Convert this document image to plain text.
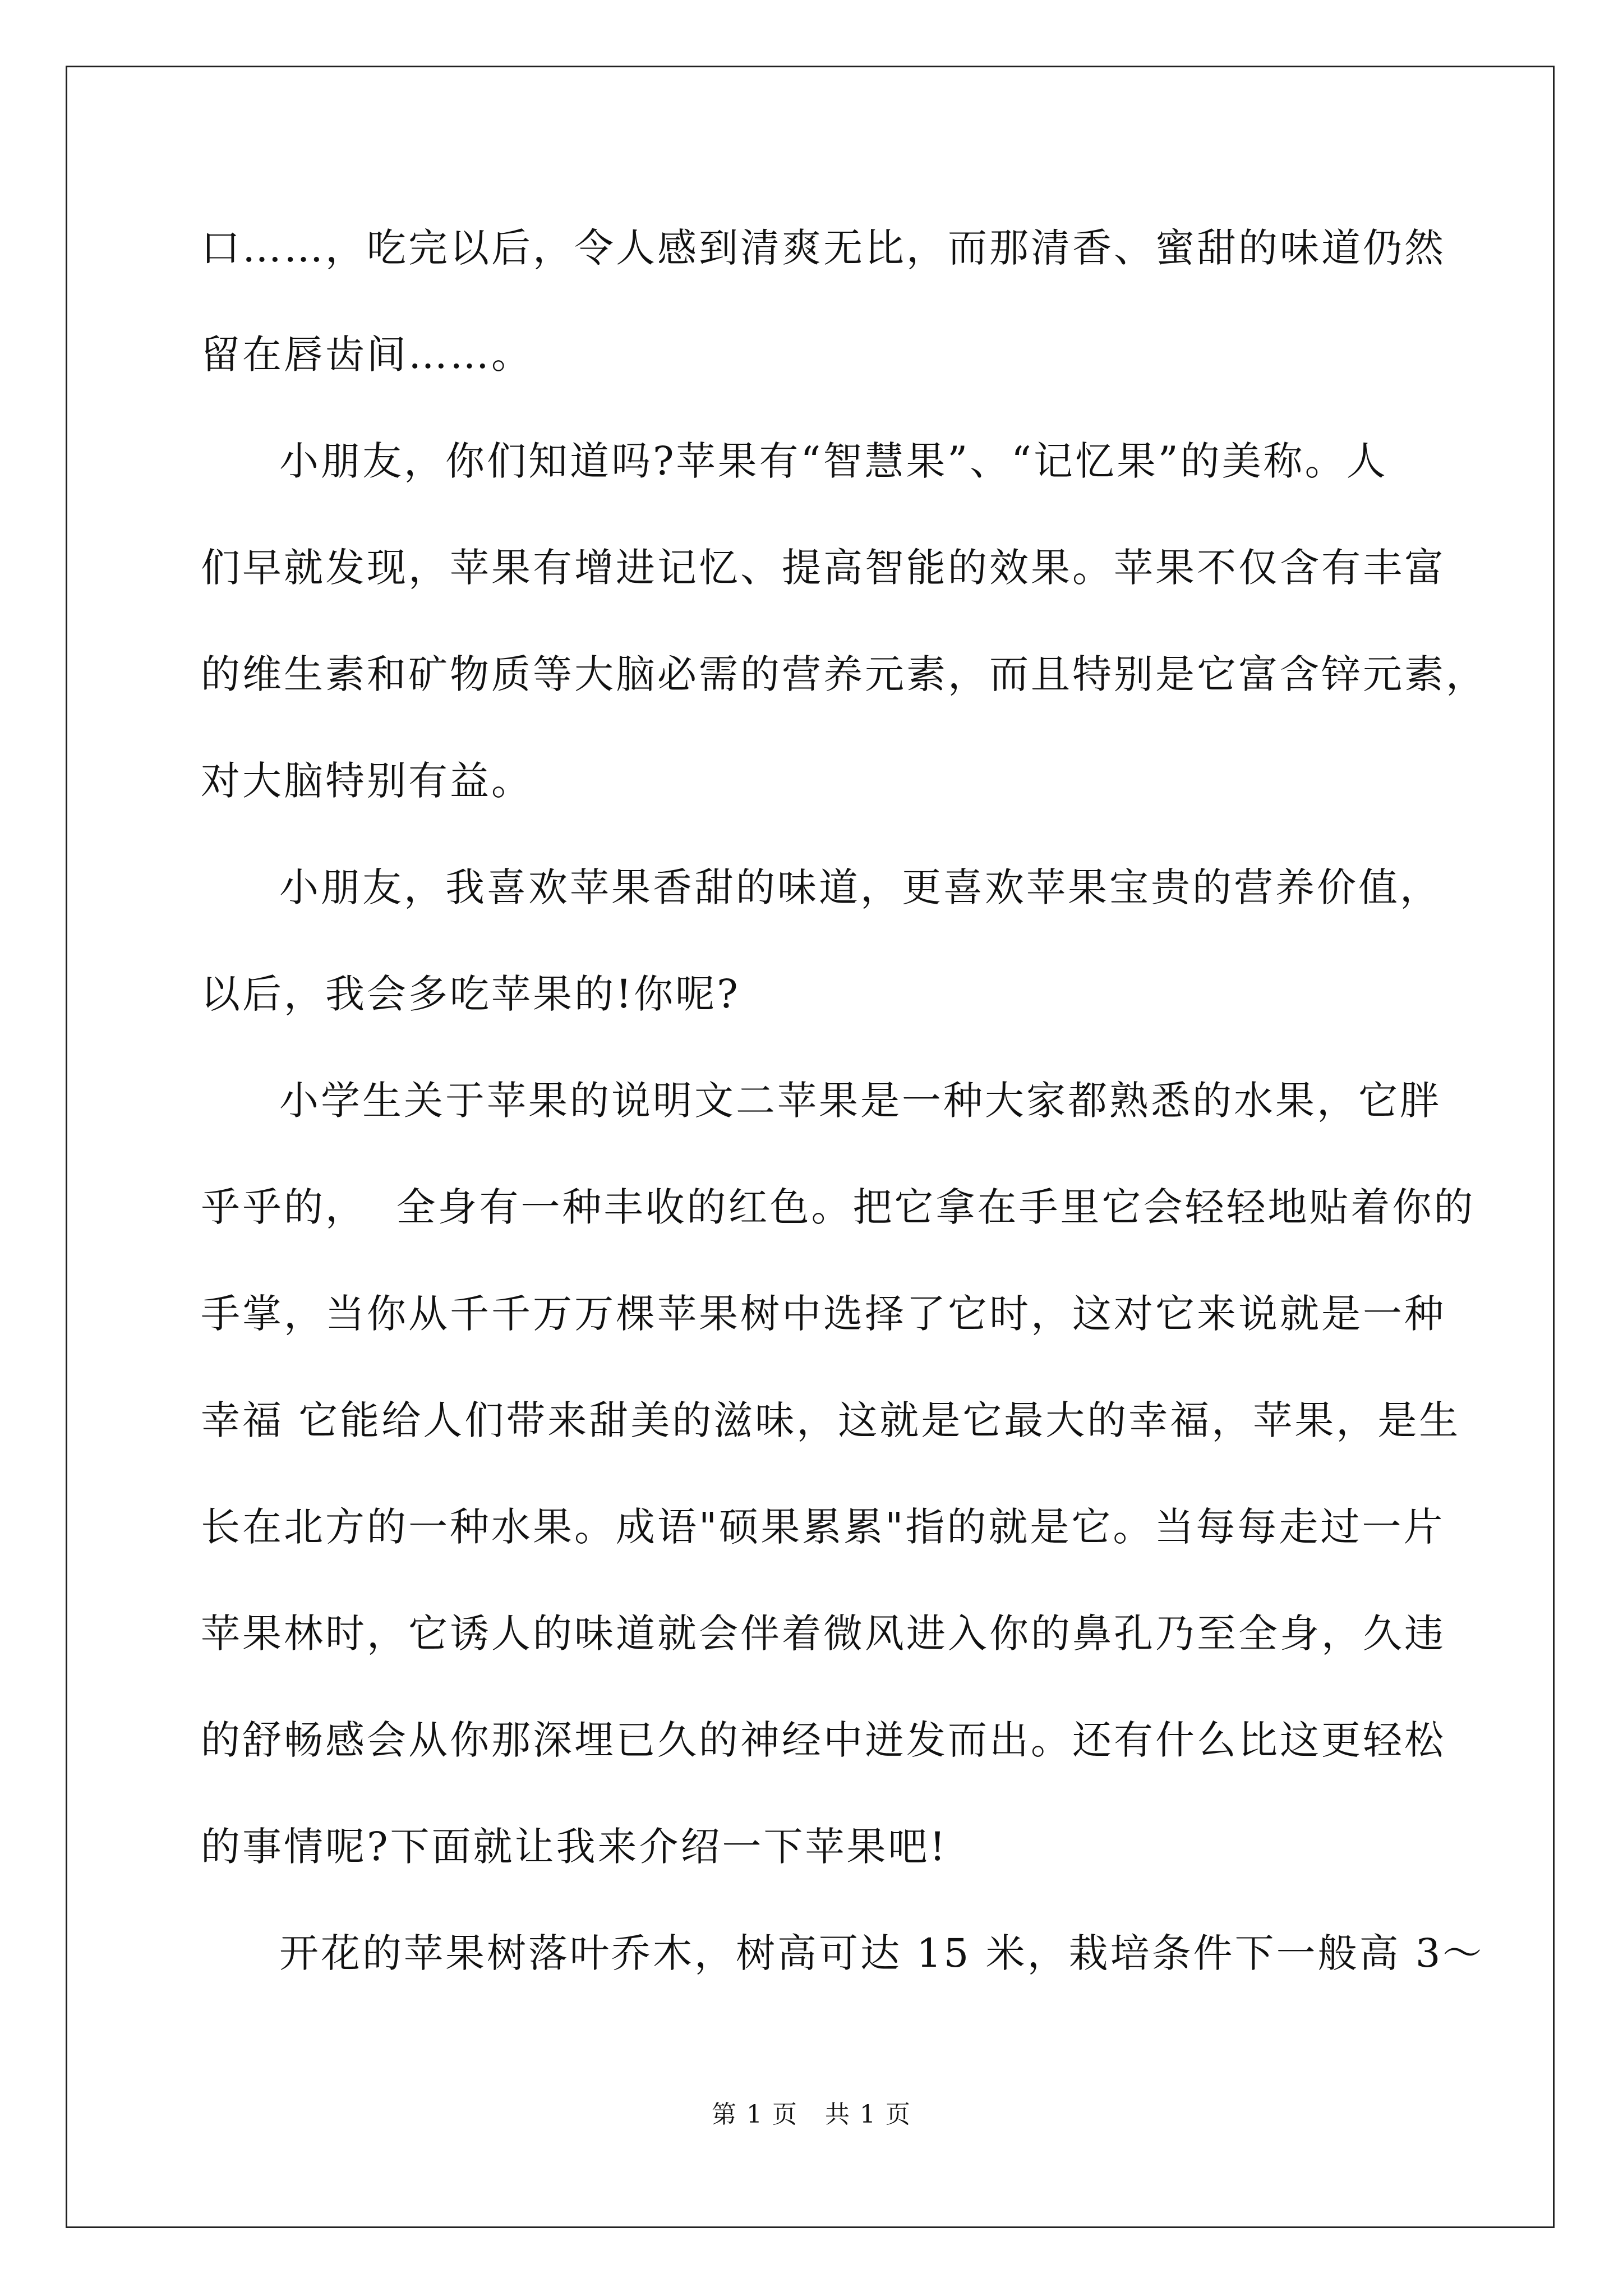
口……，吃完以后，令人感到清爽无比，而那清香、蜜甜的味道仍然
留在唇齿间……。
小朋友，你们知道吗?苹果有“智慧果”、“记忆果”的美称。人
们早就发现，苹果有增进记忆、提高智能的效果。苹果不仅含有丰富
的维生素和矿物质等大脑必需的营养元素，而且特别是它富含锌元素，
对大脑特别有益。
小朋友，我喜欢苹果香甜的味道，更喜欢苹果宝贵的营养价值，
以后，我会多吃苹果的!你呢?
小学生关于苹果的说明文二苹果是一种大家都熟悉的水果，它胖
乎乎的，  全身有一种丰收的红色。把它拿在手里它会轻轻地贴着你的
手掌，当你从千千万万棵苹果树中选择了它时，这对它来说就是一种
幸福 它能给人们带来甜美的滋味，这就是它最大的幸福，苹果，是生
长在北方的一种水果。成语"硕果累累"指的就是它。当每每走过一片
苹果林时，它诱人的味道就会伴着微风进入你的鼻孔乃至全身，久违
的舒畅感会从你那深埋已久的神经中迸发而出。还有什么比这更轻松
的事情呢?下面就让我来介绍一下苹果吧!
开花的苹果树落叶乔木，树高可达 15 米，栽培条件下一般高 3～
第 1 页   共 1 页
